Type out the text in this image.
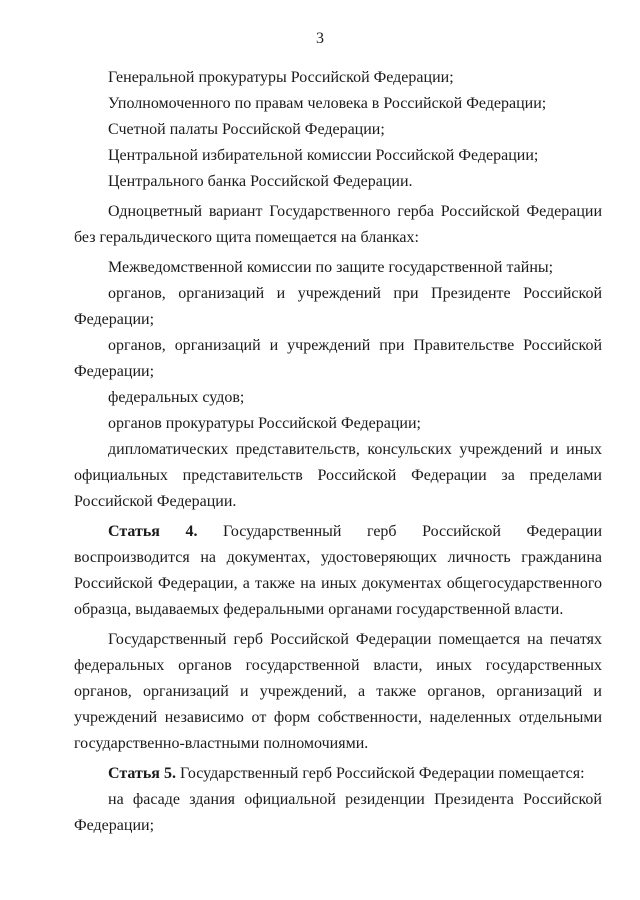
3

Генеральной прокуратуры Российской Федерации;

Уполномоченного по правам человека в Российской Федерации;

Счетной палаты Российской Федерации;

Центральной избирательной комиссии Российской Федерации;

Центрального банка Российской Федерации.

Одноцветный вариант Государственного герба Российской Федерации без геральдического щита помещается на бланках:

Межведомственной комиссии по защите государственной тайны;

органов, организаций и учреждений при Президенте Российской Федерации;

органов, организаций и учреждений при Правительстве Российской Федерации;

федеральных судов;

органов прокуратуры Российской Федерации;

дипломатических представительств, консульских учреждений и иных официальных представительств Российской Федерации за пределами Российской Федерации.

Статья 4. Государственный герб Российской Федерации воспроизводится на документах, удостоверяющих личность гражданина Российской Федерации, а также на иных документах общегосударственного образца, выдаваемых федеральными органами государственной власти.

Государственный герб Российской Федерации помещается на печатях федеральных органов государственной власти, иных государственных органов, организаций и учреждений, а также органов, организаций и учреждений независимо от форм собственности, наделенных отдельными государственно-властными полномочиями.

Статья 5. Государственный герб Российской Федерации помещается:

на фасаде здания официальной резиденции Президента Российской Федерации;
